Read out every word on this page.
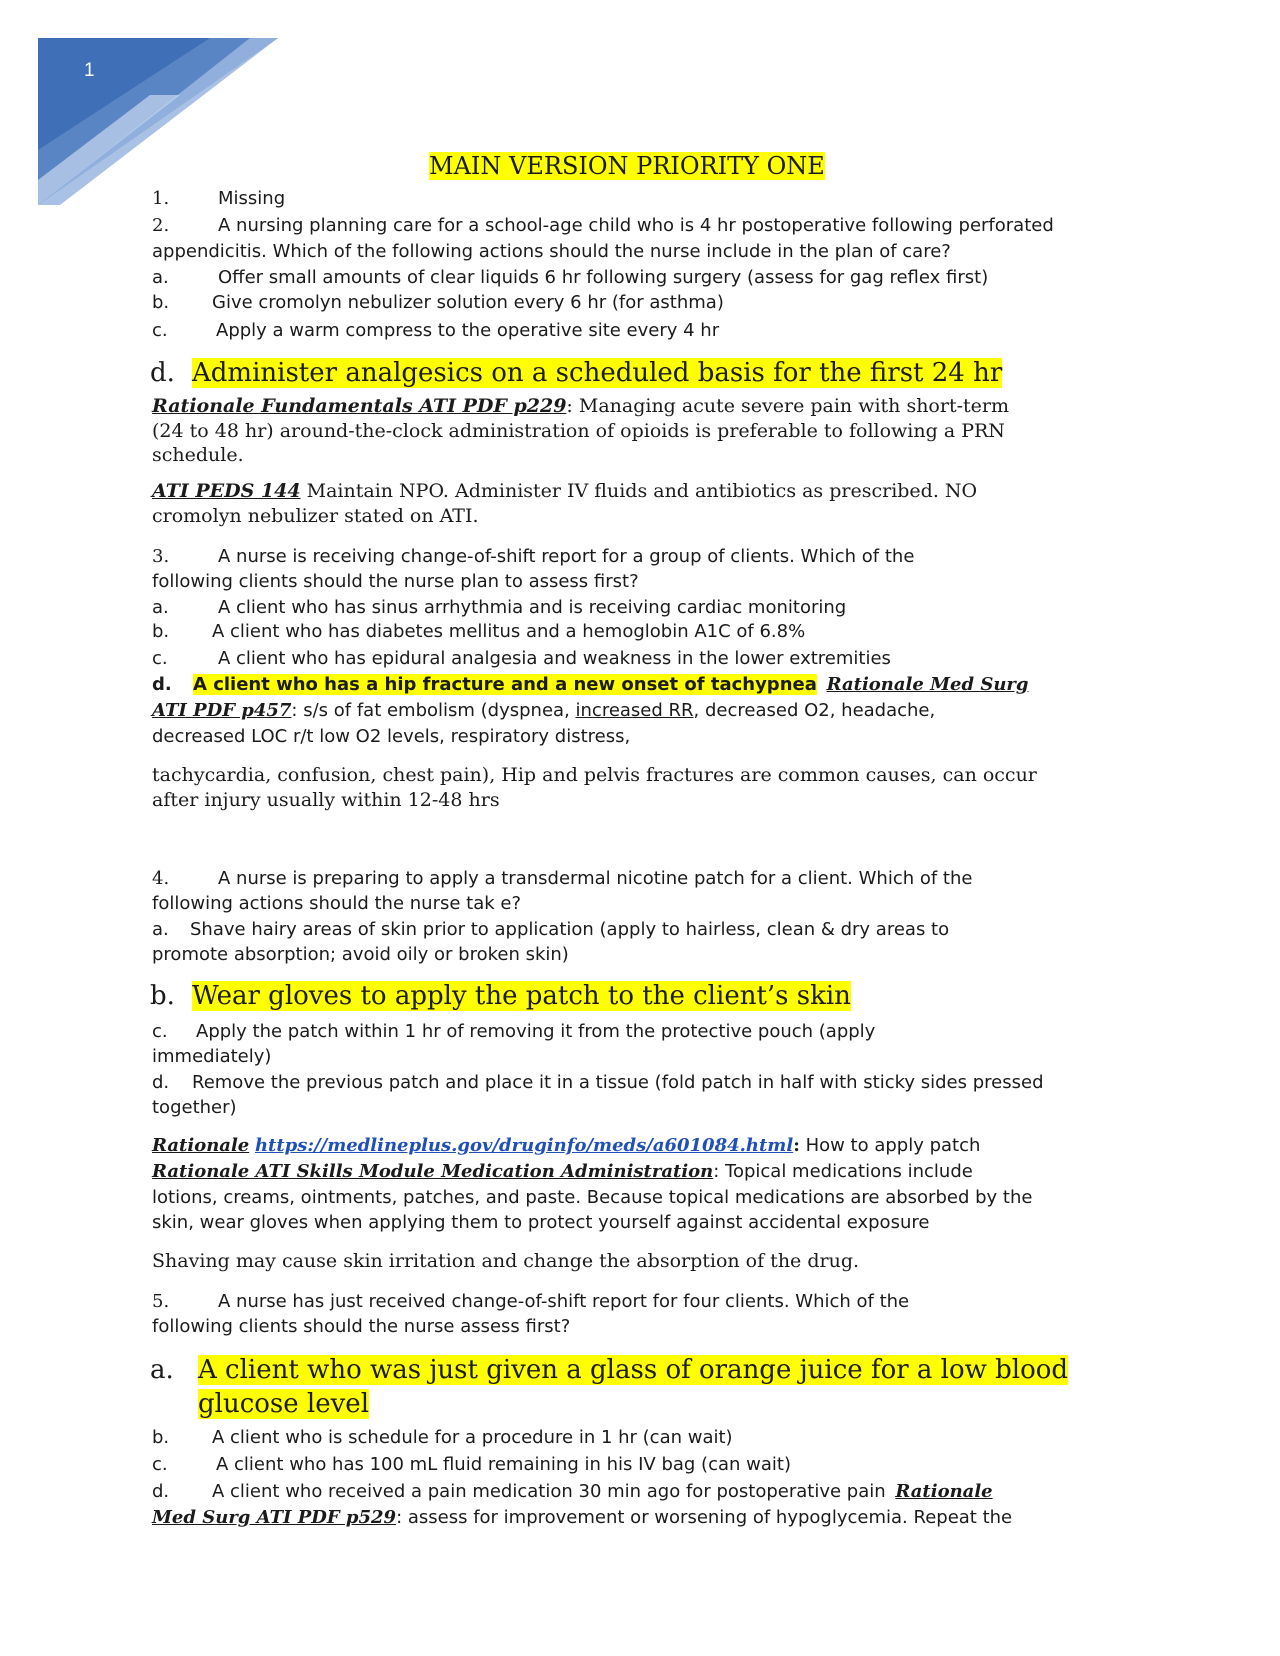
1
MAIN VERSION PRIORITY ONE
1.	Missing
2.	A nursing planning care for a school-age child who is 4 hr postoperative following perforated
appendicitis. Which of the following actions should the nurse include in the plan of care?
a.	Offer small amounts of clear liquids 6 hr following surgery (assess for gag reflex first)
b. Give cromolyn nebulizer solution every 6 hr (for asthma)
c.	Apply a warm compress to the operative site every 4 hr
d. Administer analgesics on a scheduled basis for the first 24 hr
Rationale Fundamentals ATI PDF p229: Managing acute severe pain with short-term
(24 to 48 hr) around-the-clock administration of opioids is preferable to following a PRN
schedule.
ATI PEDS 144 Maintain NPO. Administer IV fluids and antibiotics as prescribed. NO
cromolyn nebulizer stated on ATI.
3.	A nurse is receiving change-of-shift report for a group of clients. Which of the
following clients should the nurse plan to assess first?
a.	A client who has sinus arrhythmia and is receiving cardiac monitoring
b. A client who has diabetes mellitus and a hemoglobin A1C of 6.8%
c.	A client who has epidural analgesia and weakness in the lower extremities
d. A client who has a hip fracture and a new onset of tachypnea Rationale Med Surg
ATI PDF p457: s/s of fat embolism (dyspnea, increased RR, decreased O2, headache,
decreased LOC r/t low O2 levels, respiratory distress,
tachycardia, confusion, chest pain), Hip and pelvis fractures are common causes, can occur
after injury usually within 12-48 hrs
4.	A nurse is preparing to apply a transdermal nicotine patch for a client. Which of the
following actions should the nurse tak e?
a. Shave hairy areas of skin prior to application (apply to hairless, clean & dry areas to
promote absorption; avoid oily or broken skin)
b. Wear gloves to apply the patch to the client’s skin
c. Apply the patch within 1 hr of removing it from the protective pouch (apply
immediately)
d. Remove the previous patch and place it in a tissue (fold patch in half with sticky sides pressed
together)
Rationale https://medlineplus.gov/druginfo/meds/a601084.html: How to apply patch
Rationale ATI Skills Module Medication Administration: Topical medications include
lotions, creams, ointments, patches, and paste. Because topical medications are absorbed by the
skin, wear gloves when applying them to protect yourself against accidental exposure
Shaving may cause skin irritation and change the absorption of the drug.
5.	A nurse has just received change-of-shift report for four clients. Which of the
following clients should the nurse assess first?
a. A client who was just given a glass of orange juice for a low blood
glucose level
b. A client who is schedule for a procedure in 1 hr (can wait)
c.	A client who has 100 mL fluid remaining in his IV bag (can wait)
d. A client who received a pain medication 30 min ago for postoperative pain Rationale
Med Surg ATI PDF p529: assess for improvement or worsening of hypoglycemia. Repeat the
